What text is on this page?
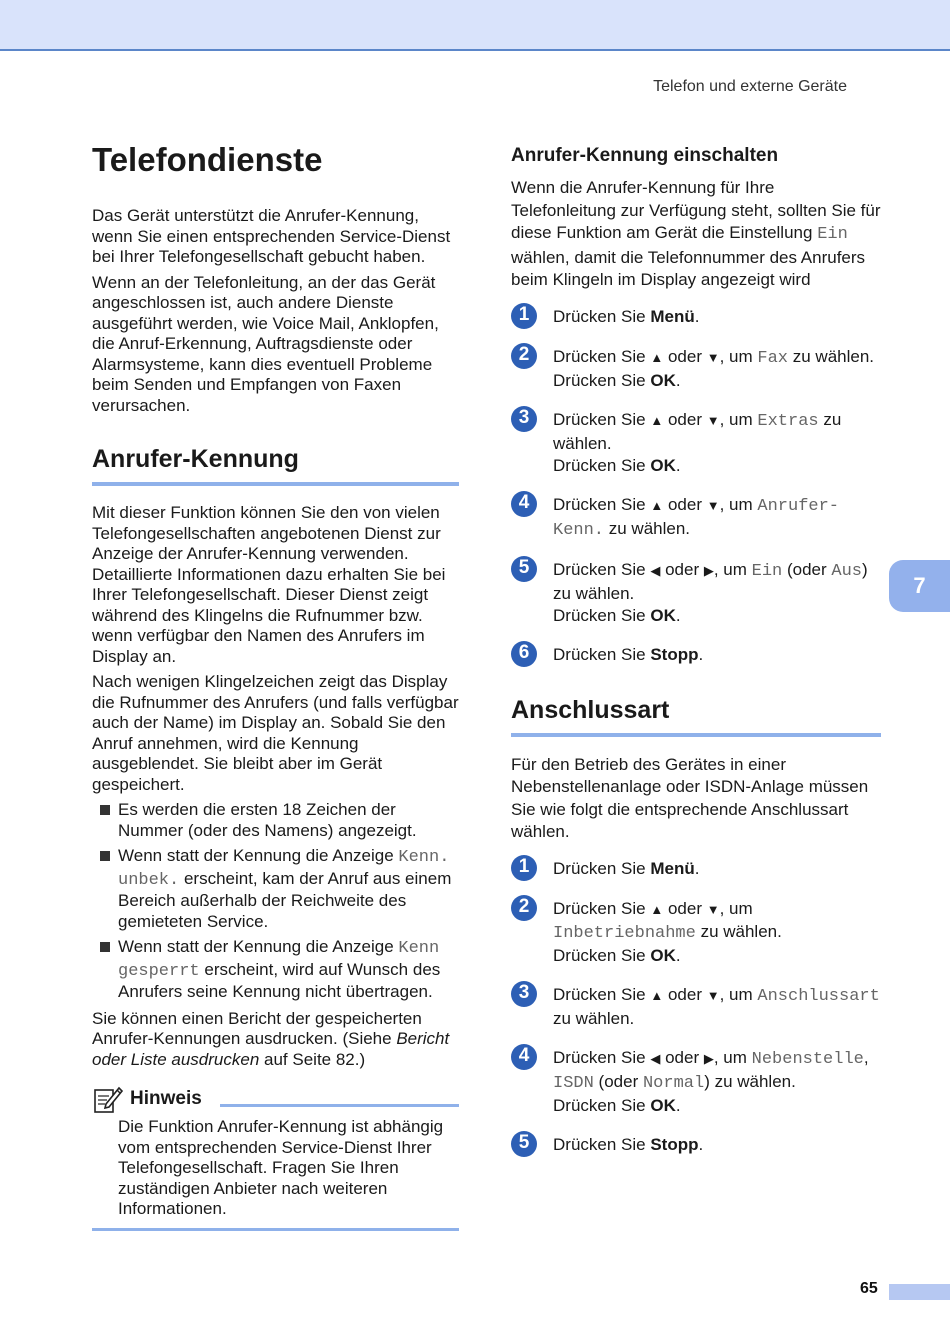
Telefon und externe Geräte
7
Telefondienste

Das Gerät unterstützt die Anrufer-Kennung, wenn Sie einen entsprechenden Service-Dienst bei Ihrer Telefongesellschaft gebucht haben.

Wenn an der Telefonleitung, an der das Gerät angeschlossen ist, auch andere Dienste ausgeführt werden, wie Voice Mail, Anklopfen, die Anruf-Erkennung, Auftragsdienste oder Alarmsysteme, kann dies eventuell Probleme beim Senden und Empfangen von Faxen verursachen.

Anrufer-Kennung

Mit dieser Funktion können Sie den von vielen Telefongesellschaften angebotenen Dienst zur Anzeige der Anrufer-Kennung verwenden. Detaillierte Informationen dazu erhalten Sie bei Ihrer Telefongesellschaft. Dieser Dienst zeigt während des Klingelns die Rufnummer bzw. wenn verfügbar den Namen des Anrufers im Display an.

Nach wenigen Klingelzeichen zeigt das Display die Rufnummer des Anrufers (und falls verfügbar auch der Name) im Display an. Sobald Sie den Anruf annehmen, wird die Kennung ausgeblendet. Sie bleibt aber im Gerät gespeichert.

Es werden die ersten 18 Zeichen der Nummer (oder des Namens) angezeigt.
Wenn statt der Kennung die Anzeige Kenn. unbek. erscheint, kam der Anruf aus einem Bereich außerhalb der Reichweite des gemieteten Service.
Wenn statt der Kennung die Anzeige Kenn gesperrt erscheint, wird auf Wunsch des Anrufers seine Kennung nicht übertragen.

Sie können einen Bericht der gespeicherten Anrufer-Kennungen ausdrucken. (Siehe Bericht oder Liste ausdrucken auf Seite 82.)

Hinweis
Die Funktion Anrufer-Kennung ist abhängig vom entsprechenden Service-Dienst Ihrer Telefongesellschaft. Fragen Sie Ihren zuständigen Anbieter nach weiteren Informationen.
Anrufer-Kennung einschalten

Wenn die Anrufer-Kennung für Ihre Telefonleitung zur Verfügung steht, sollten Sie für diese Funktion am Gerät die Einstellung Ein wählen, damit die Telefonnummer des Anrufers beim Klingeln im Display angezeigt wird

1	Drücken Sie Menü.
2	Drücken Sie ▲ oder ▼, um Fax zu wählen.
Drücken Sie OK.
3	Drücken Sie ▲ oder ▼, um Extras zu wählen.
Drücken Sie OK.
4	Drücken Sie ▲ oder ▼, um Anrufer-Kenn. zu wählen.
5	Drücken Sie ◀ oder ▶, um Ein (oder Aus) zu wählen.
Drücken Sie OK.
6	Drücken Sie Stopp.
Anschlussart

Für den Betrieb des Gerätes in einer Nebenstellenanlage oder ISDN-Anlage müssen Sie wie folgt die entsprechende Anschlussart wählen.

1	Drücken Sie Menü.
2	Drücken Sie ▲ oder ▼, um Inbetriebnahme zu wählen.
Drücken Sie OK.
3	Drücken Sie ▲ oder ▼, um Anschlussart zu wählen.
4	Drücken Sie ◀ oder ▶, um Nebenstelle, ISDN (oder Normal) zu wählen.
Drücken Sie OK.
5	Drücken Sie Stopp.
65
